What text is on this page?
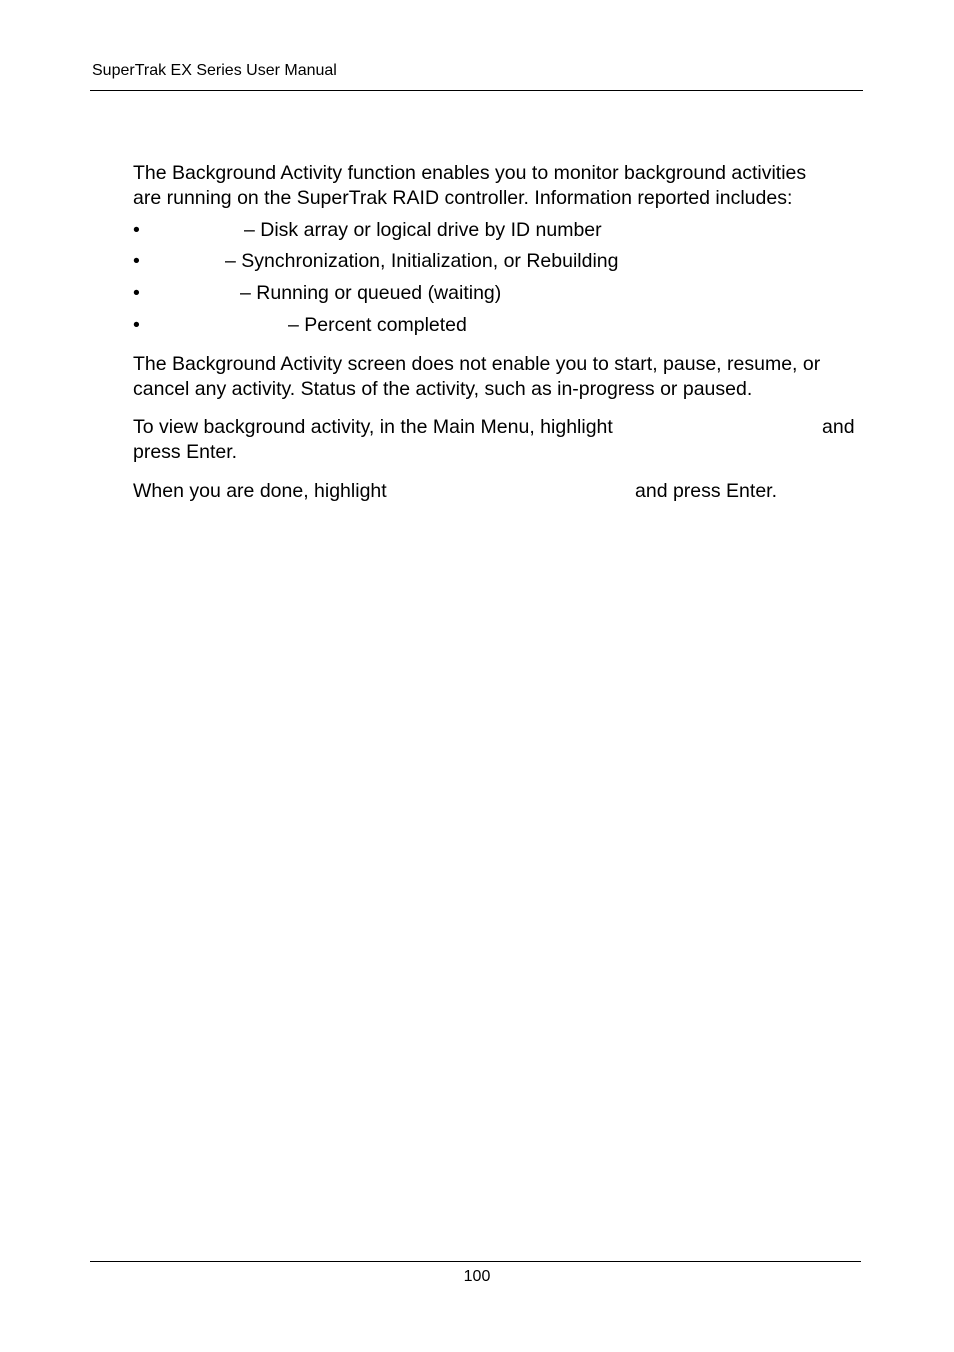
SuperTrak EX Series User Manual
The Background Activity function enables you to monitor background activities
are running on the SuperTrak RAID controller. Information reported includes:
•	– Disk array or logical drive by ID number
•	– Synchronization, Initialization, or Rebuilding
•	– Running or queued (waiting)
•	– Percent completed
The Background Activity screen does not enable you to start, pause, resume, or
cancel any activity. Status of the activity, such as in-progress or paused.
To view background activity, in the Main Menu, highlight	and
press Enter.
When you are done, highlight	and press Enter.
100
